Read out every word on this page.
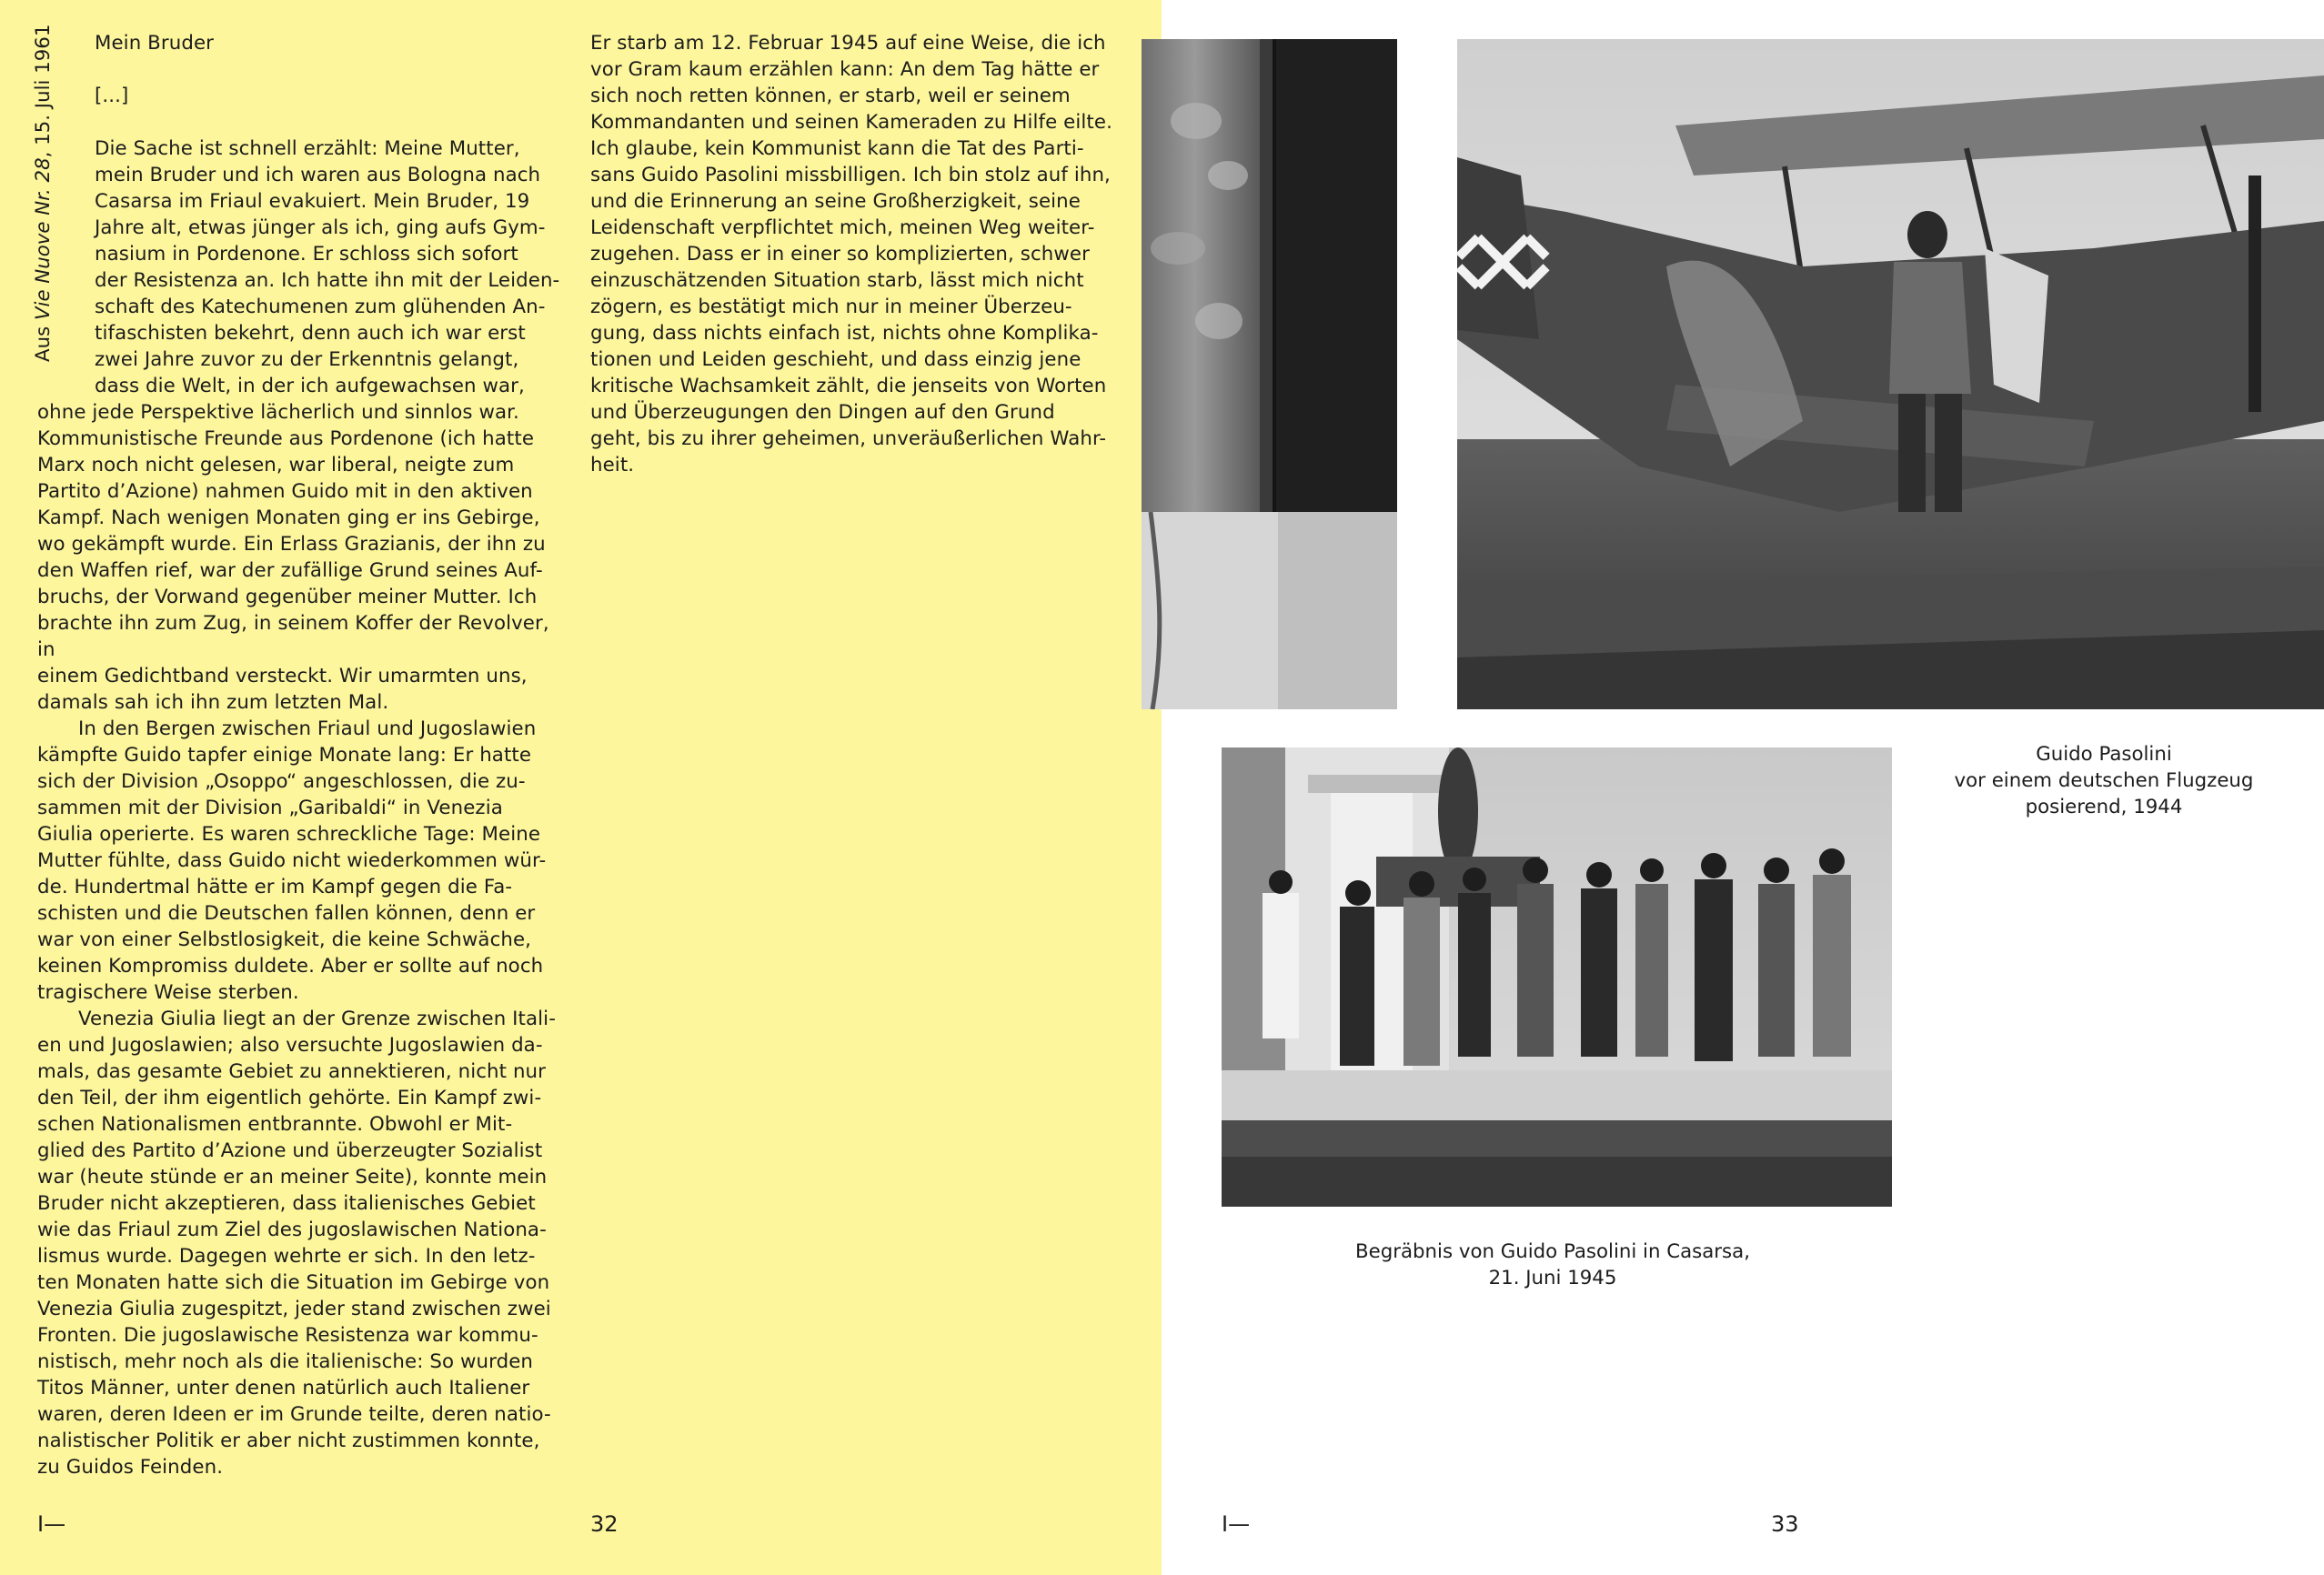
Aus Vie Nuove Nr. 28, 15. Juli 1961	Mein Bruder

[...]

Die Sache ist schnell erzählt: Meine Mutter,

mein Bruder und ich waren aus Bologna nach

Casarsa im Friaul evakuiert. Mein Bruder, 19

Jahre alt, etwas jünger als ich, ging aufs Gym-

nasium in Pordenone. Er schloss sich sofort

der Resistenza an. Ich hatte ihn mit der Leiden-

schaft des Katechumenen zum glühenden An-

tifaschisten bekehrt, denn auch ich war erst

zwei Jahre zuvor zu der Erkenntnis gelangt,

dass die Welt, in der ich aufgewachsen war,

ohne jede Perspektive lächerlich und sinnlos war.

Kommunistische Freunde aus Pordenone (ich hatte

Marx noch nicht gelesen, war liberal, neigte zum

Partito d’Azione) nahmen Guido mit in den aktiven

Kampf. Nach wenigen Monaten ging er ins Gebirge,

wo gekämpft wurde. Ein Erlass Grazianis, der ihn zu

den Waffen rief, war der zufällige Grund seines Auf-

bruchs, der Vorwand gegenüber meiner Mutter. Ich

brachte ihn zum Zug, in seinem Koffer der Revolver, in

einem Gedichtband versteckt. Wir umarmten uns,

damals sah ich ihn zum letzten Mal.

In den Bergen zwischen Friaul und Jugoslawien

kämpfte Guido tapfer einige Monate lang: Er hatte

sich der Division „Osoppo“ angeschlossen, die zu-

sammen mit der Division „Garibaldi“ in Venezia

Giulia operierte. Es waren schreckliche Tage: Meine

Mutter fühlte, dass Guido nicht wiederkommen wür-

de. Hundertmal hätte er im Kampf gegen die Fa-

schisten und die Deutschen fallen können, denn er

war von einer Selbstlosigkeit, die keine Schwäche,

keinen Kompromiss duldete. Aber er sollte auf noch

tragischere Weise sterben.

Venezia Giulia liegt an der Grenze zwischen Itali-

en und Jugoslawien; also versuchte Jugoslawien da-

mals, das gesamte Gebiet zu annektieren, nicht nur

den Teil, der ihm eigentlich gehörte. Ein Kampf zwi-

schen Nationalismen entbrannte. Obwohl er Mit-

glied des Partito d’Azione und überzeugter Sozialist

war (heute stünde er an meiner Seite), konnte mein

Bruder nicht akzeptieren, dass italienisches Gebiet

wie das Friaul zum Ziel des jugoslawischen Nationa-

lismus wurde. Dagegen wehrte er sich. In den letz-

ten Monaten hatte sich die Situation im Gebirge von

Venezia Giulia zugespitzt, jeder stand zwischen zwei

Fronten. Die jugoslawische Resistenza war kommu-

nistisch, mehr noch als die italienische: So wurden

Titos Männer, unter denen natürlich auch Italiener

waren, deren Ideen er im Grunde teilte, deren natio-

nalistischer Politik er aber nicht zustimmen konnte,

zu Guidos Feinden.

Er starb am 12. Februar 1945 auf eine Weise, die ich

vor Gram kaum erzählen kann: An dem Tag hätte er

sich noch retten können, er starb, weil er seinem

Kommandanten und seinen Kameraden zu Hilfe eilte.

Ich glaube, kein Kommunist kann die Tat des Parti-

sans Guido Pasolini missbilligen. Ich bin stolz auf ihn,

und die Erinnerung an seine Großherzigkeit, seine

Leidenschaft verpflichtet mich, meinen Weg weiter-

zugehen. Dass er in einer so komplizierten, schwer

einzuschätzenden Situation starb, lässt mich nicht

zögern, es bestätigt mich nur in meiner Überzeu-

gung, dass nichts einfach ist, nichts ohne Komplika-

tionen und Leiden geschieht, und dass einzig jene

kritische Wachsamkeit zählt, die jenseits von Worten

und Überzeugungen den Dingen auf den Grund

geht, bis zu ihrer geheimen, unveräußerlichen Wahr-

heit.

I—	32
Guido Pasolini
vor einem deutschen Flugzeug
posierend, 1944
Begräbnis von Guido Pasolini in Casarsa,
21. Juni 1945
I—	33
